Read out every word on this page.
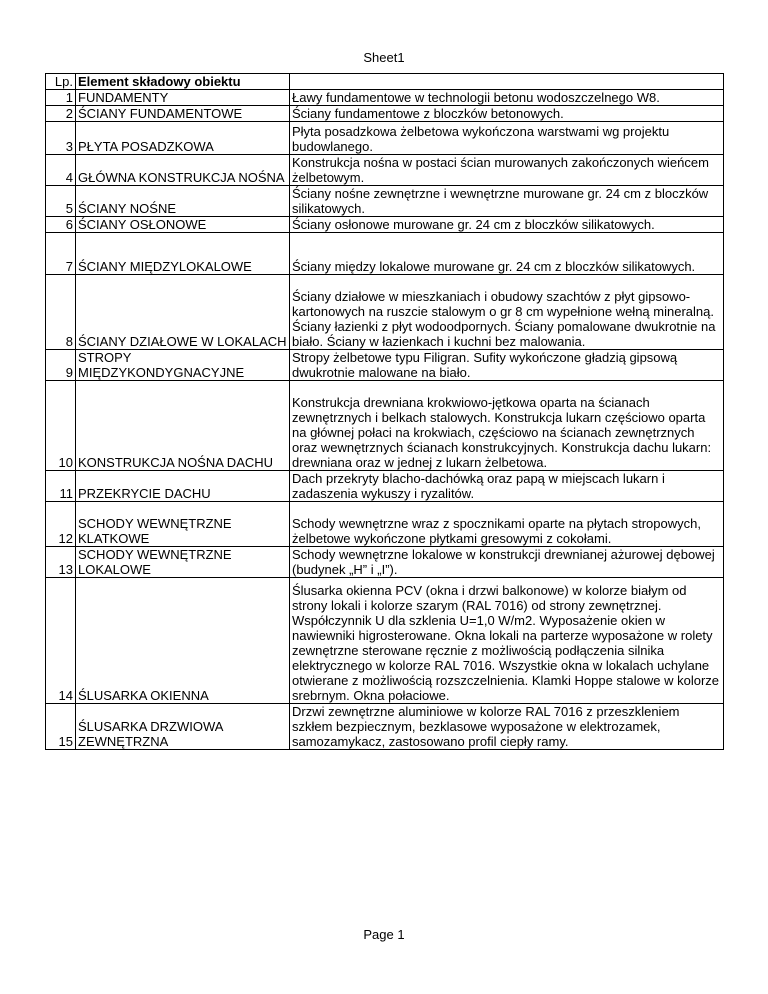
Sheet1
Lp.	Element składowy obiektu	
1	FUNDAMENTY	Ławy fundamentowe w technologii betonu wodoszczelnego W8.
2	ŚCIANY FUNDAMENTOWE	Ściany fundamentowe z bloczków betonowych.
3	PŁYTA POSADZKOWA	Płyta posadzkowa żelbetowa wykończona warstwami wg projektu budowlanego.
4	GŁÓWNA KONSTRUKCJA NOŚNA	Konstrukcja nośna w postaci ścian murowanych zakończonych wieńcem żelbetowym.
5	ŚCIANY NOŚNE	Ściany nośne zewnętrzne i wewnętrzne murowane gr. 24 cm z bloczków silikatowych.
6	ŚCIANY OSŁONOWE	Ściany osłonowe murowane gr. 24 cm z bloczków silikatowych.
7	ŚCIANY MIĘDZYLOKALOWE	Ściany między lokalowe murowane gr. 24 cm z bloczków silikatowych.
8	ŚCIANY DZIAŁOWE W LOKALACH	Ściany działowe w mieszkaniach i obudowy szachtów z płyt gipsowo-kartonowych na ruszcie stalowym o gr 8 cm wypełnione wełną mineralną. Ściany łazienki z płyt wodoodpornych. Ściany pomalowane dwukrotnie na biało. Ściany w łazienkach i kuchni bez malowania.
9	STROPY MIĘDZYKONDYGNACYJNE	Stropy żelbetowe typu Filigran. Sufity wykończone gładzią gipsową dwukrotnie malowane na biało.
10	KONSTRUKCJA NOŚNA DACHU	Konstrukcja drewniana krokwiowo-jętkowa oparta na ścianach zewnętrznych i belkach stalowych. Konstrukcja lukarn częściowo oparta na głównej połaci na krokwiach, częściowo na ścianach zewnętrznych oraz wewnętrznych ścianach konstrukcyjnych. Konstrukcja dachu lukarn: drewniana oraz w jednej z lukarn żelbetowa.
11	PRZEKRYCIE DACHU	Dach przekryty blacho-dachówką oraz papą w miejscach lukarn i zadaszenia wykuszy i ryzalitów.
12	SCHODY WEWNĘTRZNE KLATKOWE	Schody wewnętrzne wraz z spocznikami oparte na płytach stropowych, żelbetowe wykończone płytkami gresowymi z cokołami.
13	SCHODY WEWNĘTRZNE LOKALOWE	Schody wewnętrzne lokalowe w konstrukcji drewnianej ażurowej dębowej (budynek „H” i „I”).
14	ŚLUSARKA OKIENNA	Ślusarka okienna PCV (okna i drzwi balkonowe) w kolorze białym od strony lokali i kolorze szarym (RAL 7016) od strony zewnętrznej. Współczynnik U dla szklenia U=1,0 W/m2. Wyposażenie okien w nawiewniki higrosterowane. Okna lokali na parterze wyposażone w rolety zewnętrzne sterowane ręcznie z możliwością podłączenia silnika elektrycznego w kolorze RAL 7016. Wszystkie okna w lokalach uchylane otwierane z możliwością rozszczelnienia. Klamki Hoppe stalowe w kolorze srebrnym. Okna połaciowe.
15	ŚLUSARKA DRZWIOWA ZEWNĘTRZNA	Drzwi zewnętrzne aluminiowe w kolorze RAL 7016 z przeszkleniem szkłem bezpiecznym, bezklasowe wyposażone w elektrozamek, samozamykacz, zastosowano profil ciepły ramy.
Page 1
